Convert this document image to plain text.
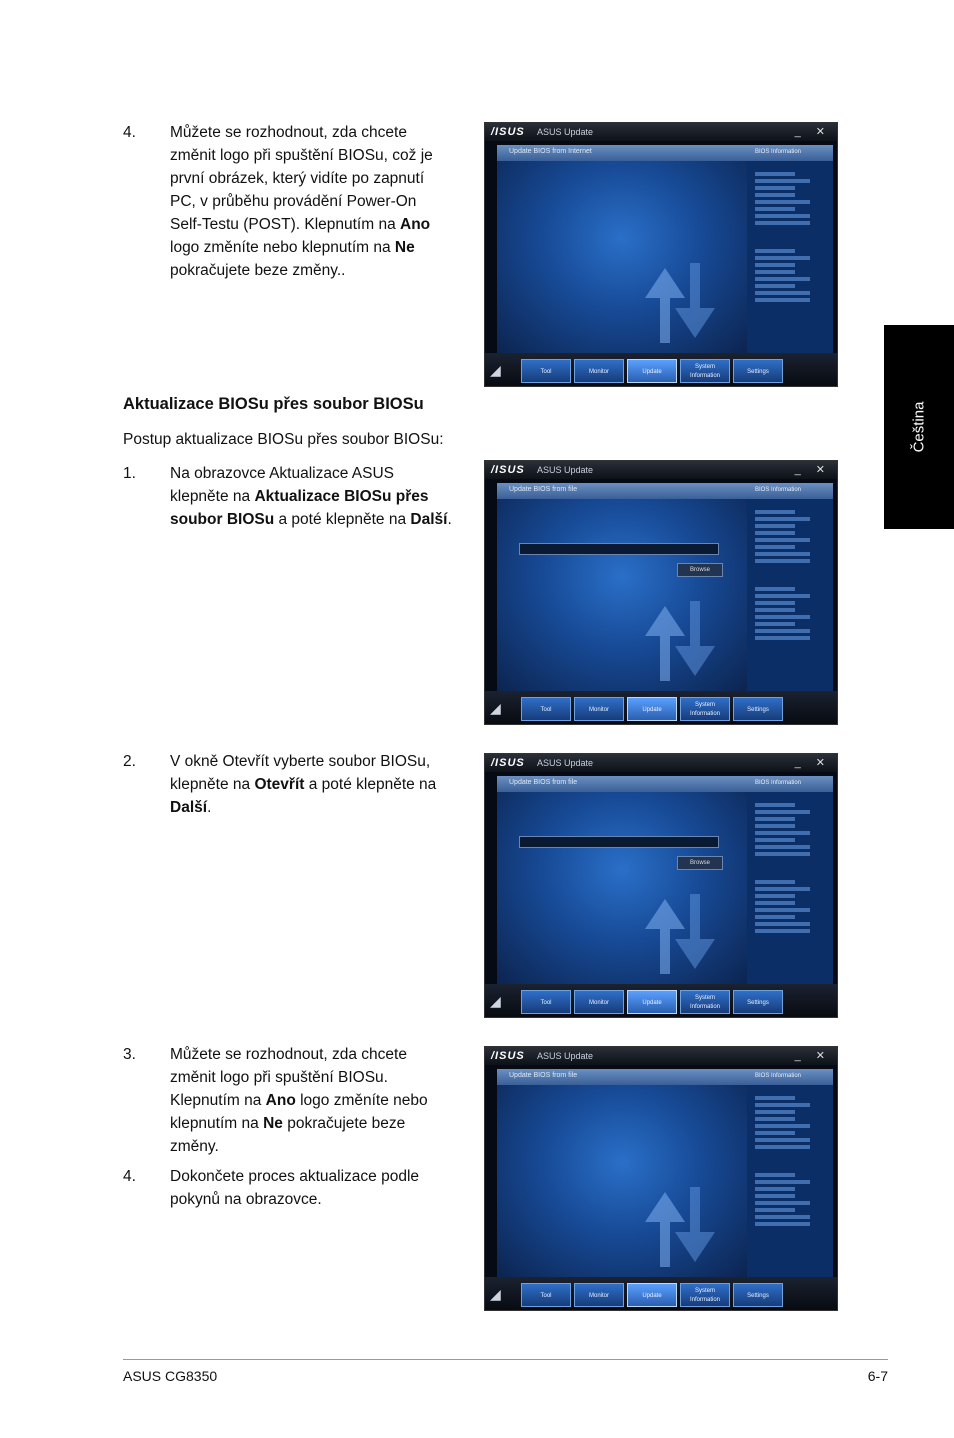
4. Můžete se rozhodnout, zda chcete
změnit logo při spuštění BIOSu, což je
první obrázek, který vidíte po zapnutí
PC, v průběhu provádění Power-On
Self-Testu (POST). Klepnutím na Ano
logo změníte nebo klepnutím na Ne
pokračujete beze změny..
Aktualizace BIOSu přes soubor BIOSu
Postup aktualizace BIOSu přes soubor BIOSu:
1. Na obrazovce Aktualizace ASUS
klepněte na Aktualizace BIOSu přes
soubor BIOSu a poté klepněte na Další.
2. V okně Otevřít vyberte soubor BIOSu,
klepněte na Otevřít a poté klepněte na
Další.
3. Můžete se rozhodnout, zda chcete
změnit logo při spuštění BIOSu.
Klepnutím na Ano logo změníte nebo
klepnutím na Ne pokračujete beze
změny.
4. Dokončete proces aktualizace podle
pokynů na obrazovce.
Čeština
/ISUS ASUS Update	_ ✕
Update BIOS from Internet	BIOS Information

◢	Tool	Monitor	Update
System Information
Settings
/ISUS ASUS Update	_ ✕
Update BIOS from file
Browse
BIOS Information

◢	Tool	Monitor	Update
System Information
Settings
/ISUS ASUS Update	_ ✕
Update BIOS from file
Browse
BIOS Information

◢	Tool	Monitor	Update
System Information
Settings
/ISUS ASUS Update	_ ✕
Update BIOS from file	BIOS Information

◢	Tool	Monitor	Update
System Information
Settings
ASUS CG8350	6-7
